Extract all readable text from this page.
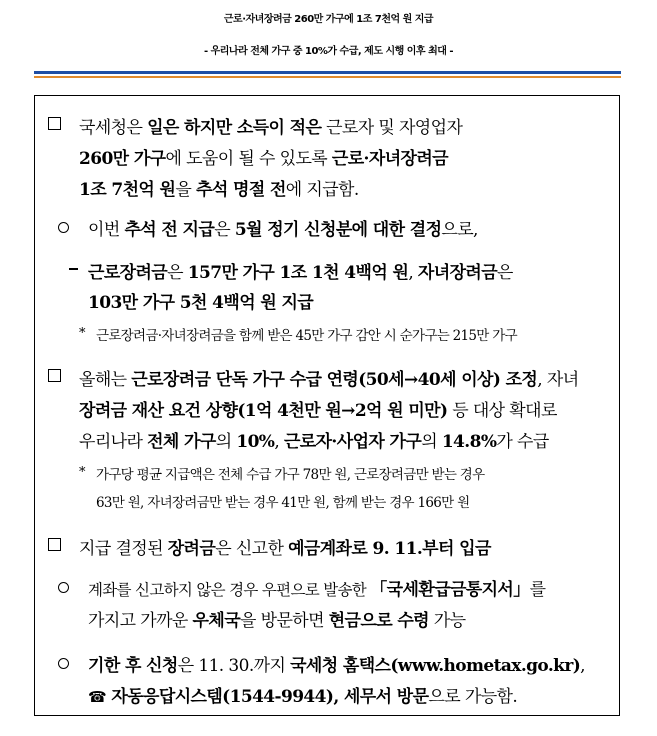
근로·자녀장려금 260만 가구에 1조 7천억 원 지급
- 우리나라 전체 가구 중 10%가 수급, 제도 시행 이후 최대 -
국세청은 일은 하지만 소득이 적은 근로자 및 자영업자
260만 가구에 도움이 될 수 있도록 근로·자녀장려금
1조 7천억 원을 추석 명절 전에 지급함.
이번 추석 전 지급은 5월 정기 신청분에 대한 결정으로,
근로장려금은 157만 가구 1조 1천 4백억 원, 자녀장려금은
103만 가구 5천 4백억 원 지급
* 근로장려금·자녀장려금을 함께 받은 45만 가구 감안 시 순가구는 215만 가구
올해는 근로장려금 단독 가구 수급 연령(50세→40세 이상) 조정, 자녀
장려금 재산 요건 상향(1억 4천만 원→2억 원 미만) 등 대상 확대로
우리나라 전체 가구의 10%, 근로자·사업자 가구의 14.8%가 수급
* 가구당 평균 지급액은 전체 수급 가구 78만 원, 근로장려금만 받는 경우
63만 원, 자녀장려금만 받는 경우 41만 원, 함께 받는 경우 166만 원
지급 결정된 장려금은 신고한 예금계좌로 9. 11.부터 입금
계좌를 신고하지 않은 경우 우편으로 발송한 「국세환급금통지서」를
가지고 가까운 우체국을 방문하면 현금으로 수령 가능
기한 후 신청은 11. 30.까지 국세청 홈택스(www.hometax.go.kr),
☎ 자동응답시스템(1544-9944), 세무서 방문으로 가능함.
